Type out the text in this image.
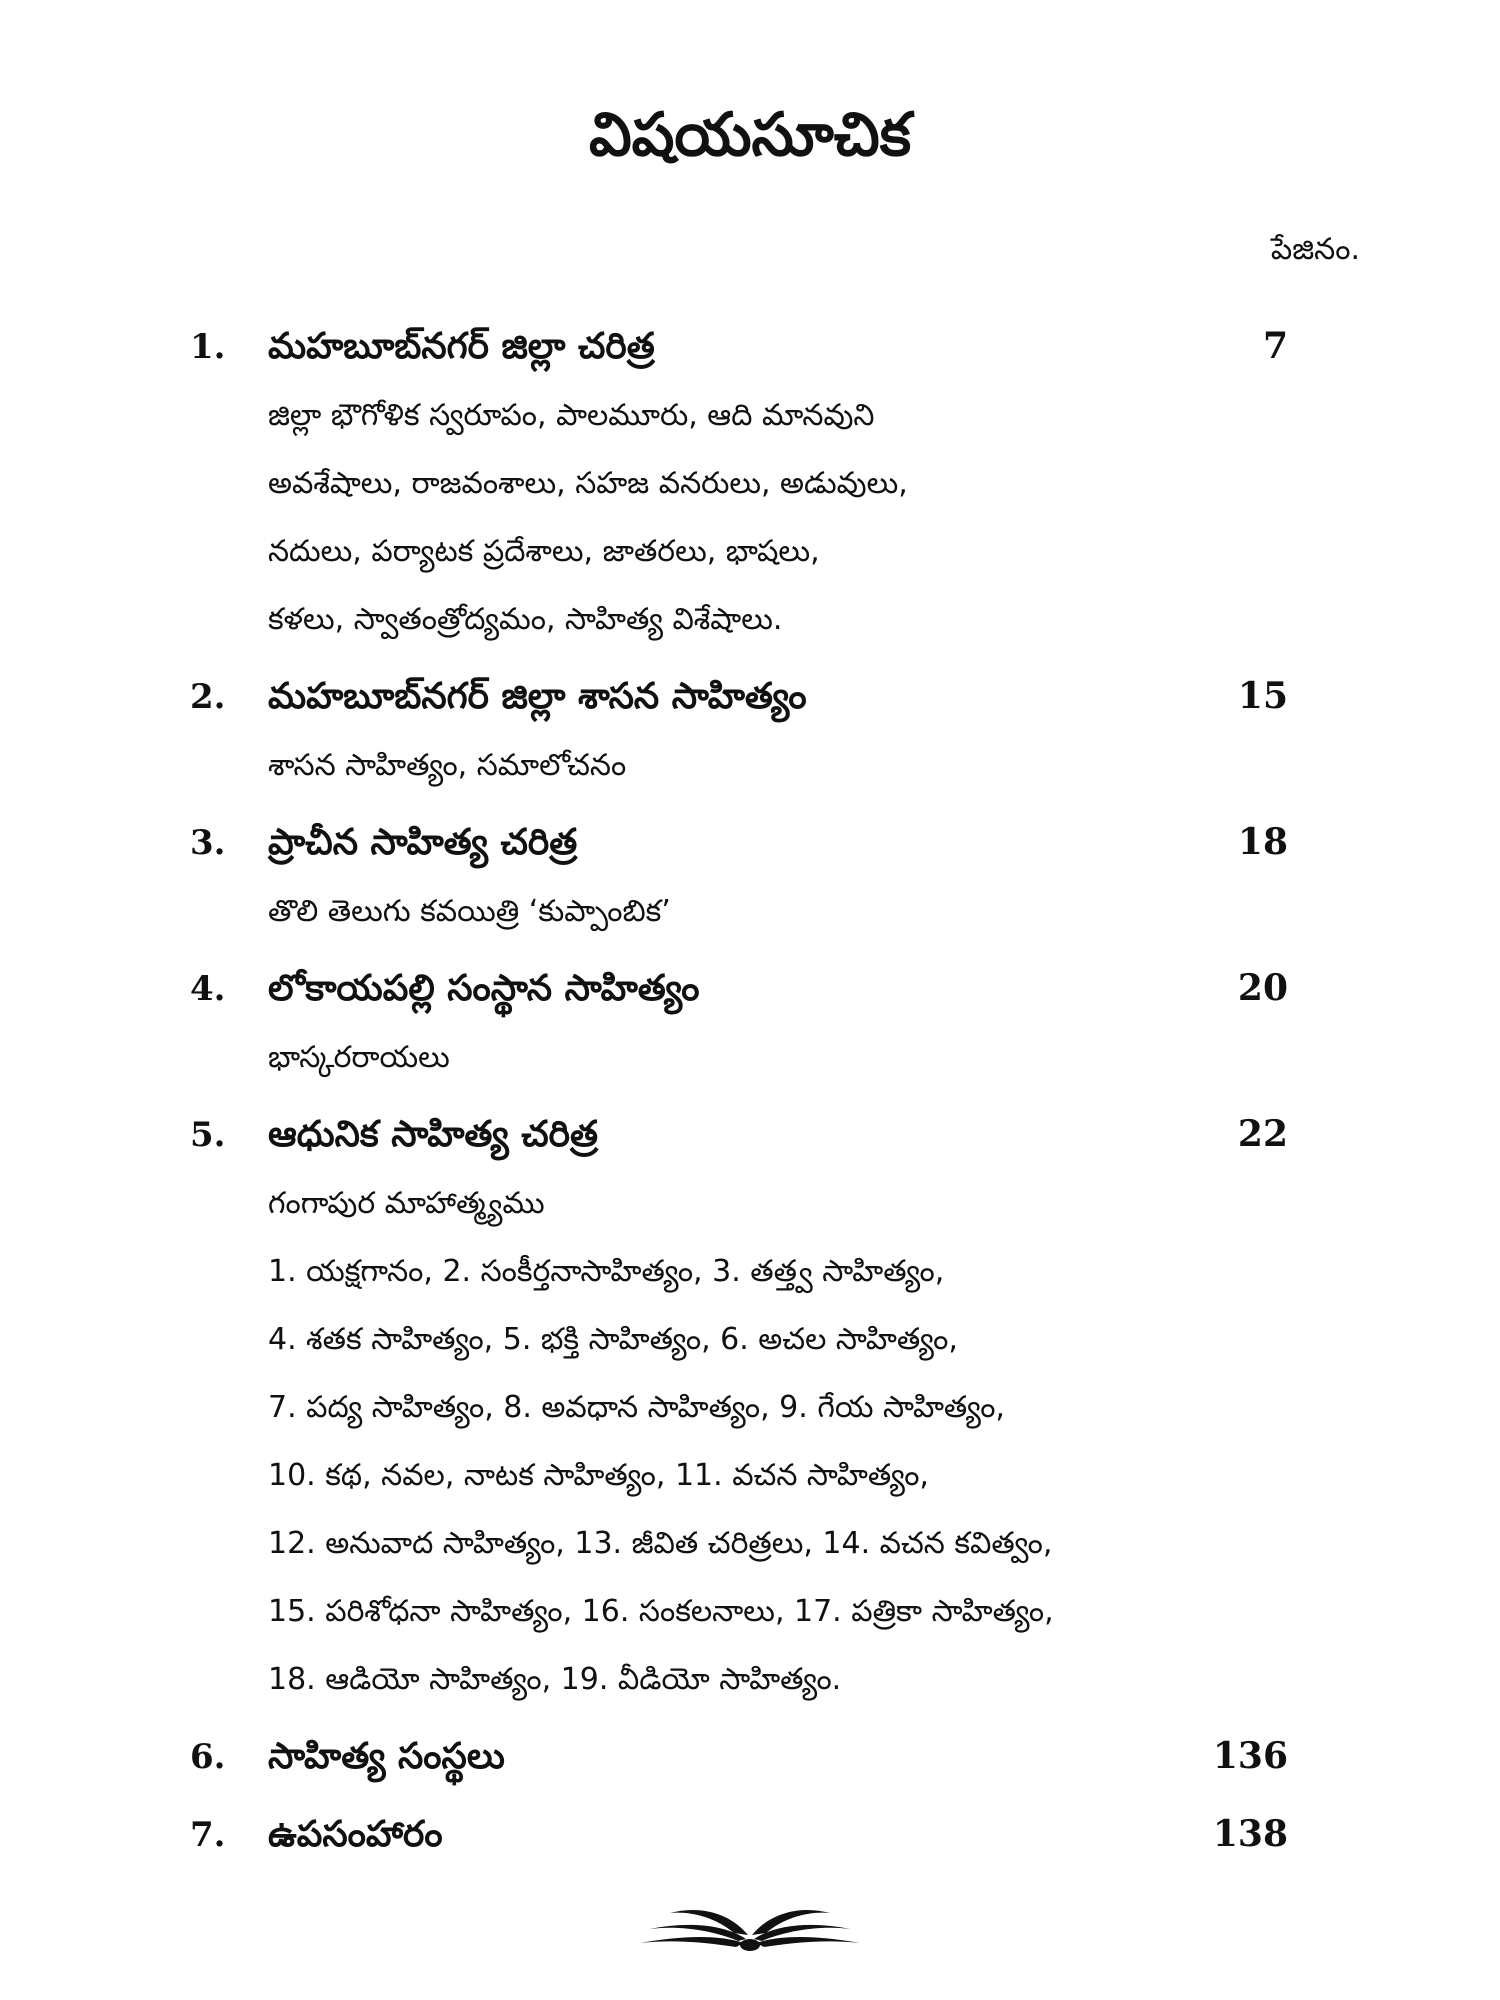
విషయసూచిక
పేజినం.
1.	మహబూబ్‌నగర్ జిల్లా చరిత్ర	7

జిల్లా భౌగోళిక స్వరూపం, పాలమూరు, ఆది మానవుని

అవశేషాలు, రాజవంశాలు, సహజ వనరులు, అడువులు,

నదులు, పర్యాటక ప్రదేశాలు, జాతరలు, భాషలు,

కళలు, స్వాతంత్రోద్యమం, సాహిత్య విశేషాలు.

2.	మహబూబ్‌నగర్ జిల్లా శాసన సాహిత్యం	15

శాసన సాహిత్యం, సమాలోచనం

3.	ప్రాచీన సాహిత్య చరిత్ర	18

తొలి తెలుగు కవయిత్రి ‘కుప్పాంబిక’

4.	లోకాయపల్లి సంస్థాన సాహిత్యం	20

భాస్కరరాయలు

5.	ఆధునిక సాహిత్య చరిత్ర	22

గంగాపుర మాహాత్మ్యము

1. యక్షగానం, 2. సంకీర్తనాసాహిత్యం, 3. తత్త్వ సాహిత్యం,

4. శతక సాహిత్యం, 5. భక్తి సాహిత్యం, 6. అచల సాహిత్యం,

7. పద్య సాహిత్యం, 8. అవధాన సాహిత్యం, 9. గేయ సాహిత్యం,

10. కథ, నవల, నాటక సాహిత్యం, 11. వచన సాహిత్యం,

12. అనువాద సాహిత్యం, 13. జీవిత చరిత్రలు, 14. వచన కవిత్వం,

15. పరిశోధనా సాహిత్యం, 16. సంకలనాలు, 17. పత్రికా సాహిత్యం,

18. ఆడియో సాహిత్యం, 19. వీడియో సాహిత్యం.

6.	సాహిత్య సంస్థలు	136
7.	ఉపసంహారం	138
